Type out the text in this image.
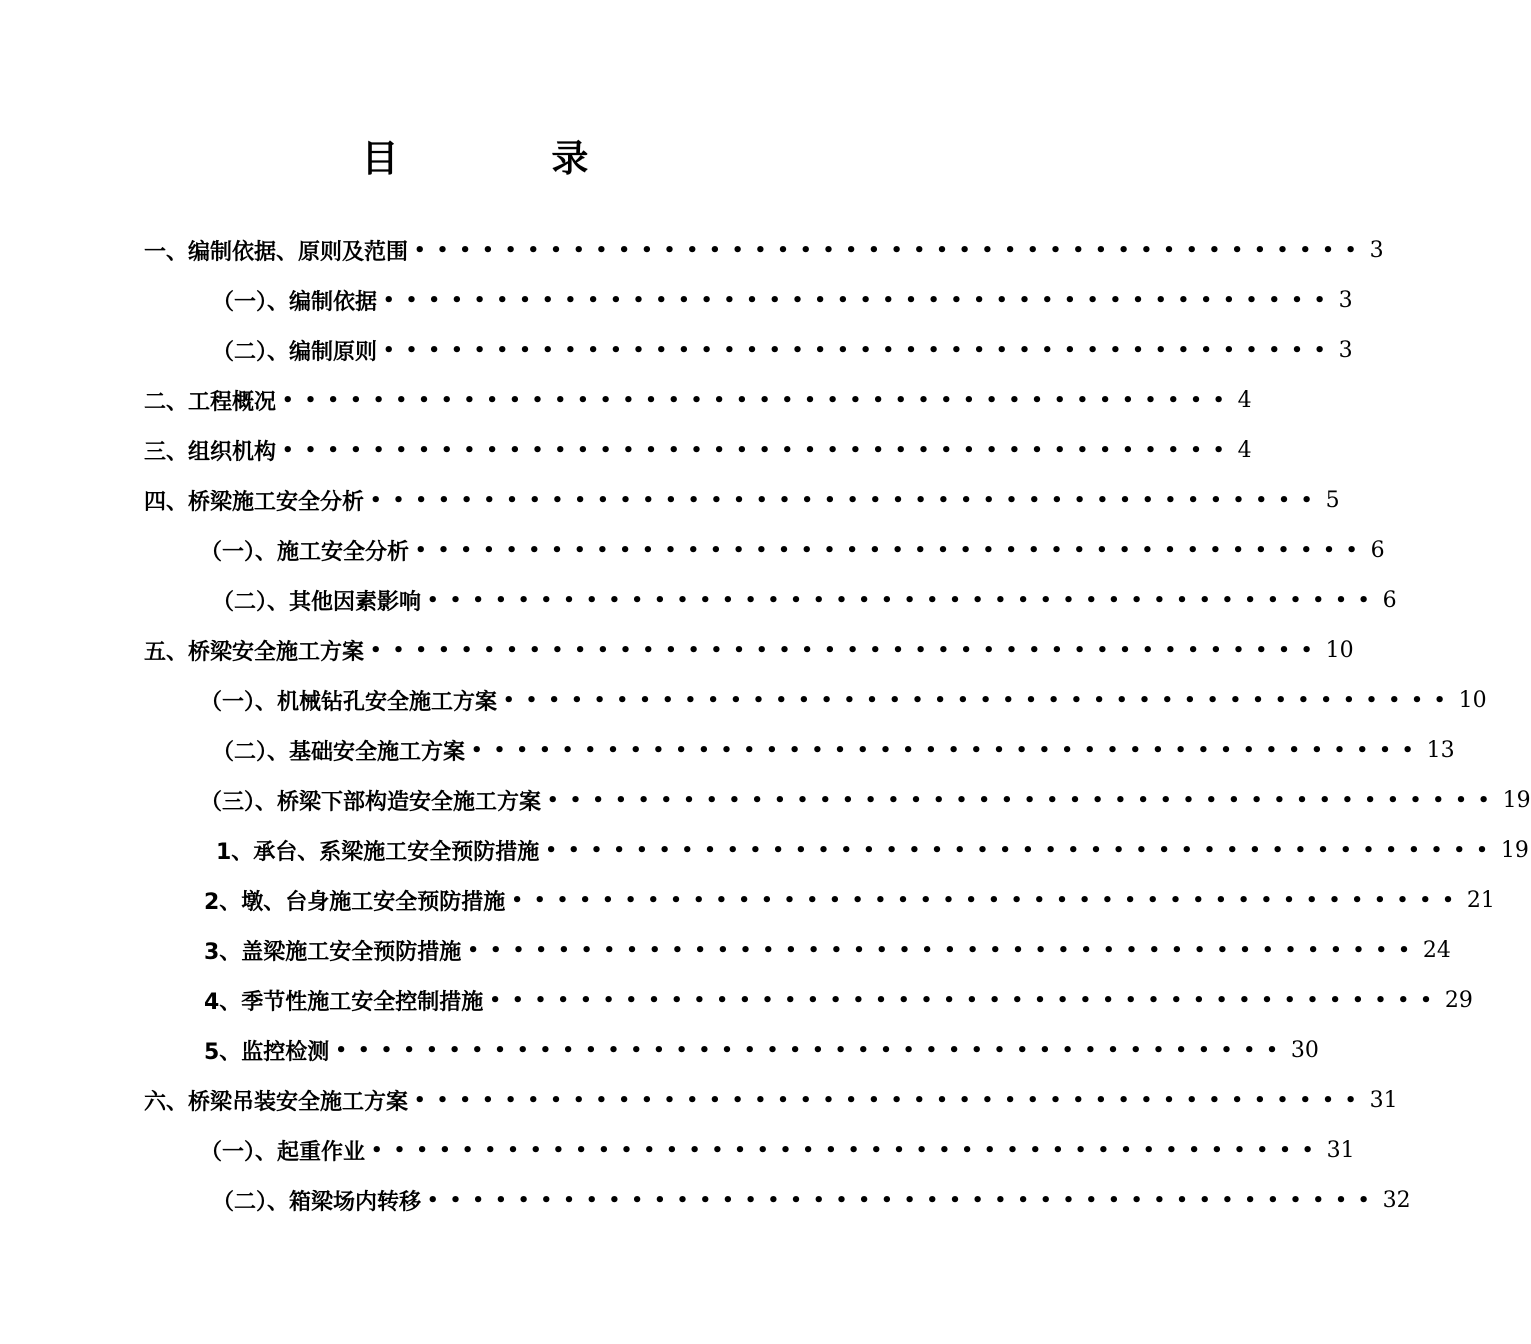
目 录
一、编制依据、原则及范围 •••••••••••••••••••••••••••••••••••••••••• 3
（一）、编制依据 •••••••••••••••••••••••••••••••••••••••••• 3
（二）、编制原则 •••••••••••••••••••••••••••••••••••••••••• 3
二、工程概况 •••••••••••••••••••••••••••••••••••••••••• 4
三、组织机构 •••••••••••••••••••••••••••••••••••••••••• 4
四、桥梁施工安全分析 •••••••••••••••••••••••••••••••••••••••••• 5
（一）、施工安全分析 •••••••••••••••••••••••••••••••••••••••••• 6
（二）、其他因素影响 •••••••••••••••••••••••••••••••••••••••••• 6
五、桥梁安全施工方案 •••••••••••••••••••••••••••••••••••••••••• 10
（一）、机械钻孔安全施工方案 •••••••••••••••••••••••••••••••••••••••••• 10
（二）、基础安全施工方案 •••••••••••••••••••••••••••••••••••••••••• 13
（三）、桥梁下部构造安全施工方案 •••••••••••••••••••••••••••••••••••••••••• 19
1、承台、系梁施工安全预防措施 •••••••••••••••••••••••••••••••••••••••••• 19
2、墩、台身施工安全预防措施 •••••••••••••••••••••••••••••••••••••••••• 21
3、盖梁施工安全预防措施 •••••••••••••••••••••••••••••••••••••••••• 24
4、季节性施工安全控制措施 •••••••••••••••••••••••••••••••••••••••••• 29
5、监控检测 •••••••••••••••••••••••••••••••••••••••••• 30
六、桥梁吊装安全施工方案 •••••••••••••••••••••••••••••••••••••••••• 31
（一）、起重作业 •••••••••••••••••••••••••••••••••••••••••• 31
（二）、箱梁场内转移 •••••••••••••••••••••••••••••••••••••••••• 32
